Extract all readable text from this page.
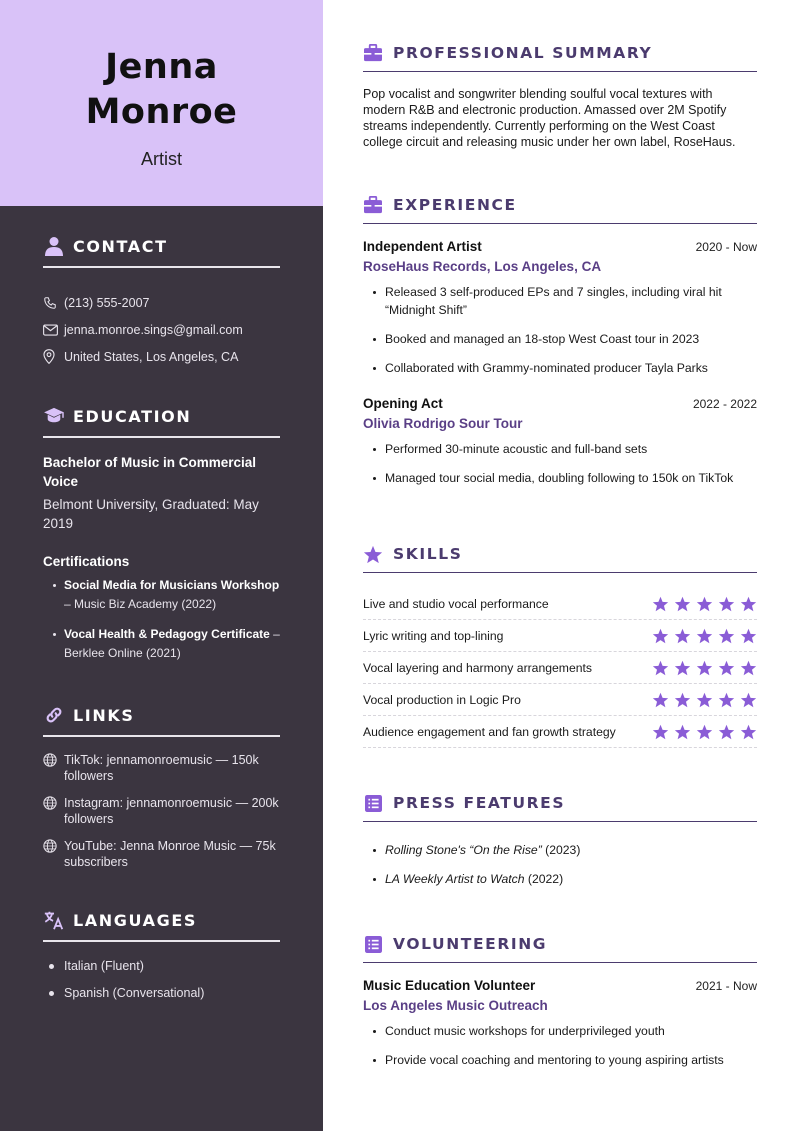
Jenna
Monroe
Artist
CONTACT
(213) 555-2007
jenna.monroe.sings@gmail.com
United States, Los Angeles, CA
EDUCATION
Bachelor of Music in Commercial Voice
Belmont University, Graduated: May 2019
Certifications
Social Media for Musicians Workshop – Music Biz Academy (2022)
Vocal Health & Pedagogy Certificate – Berklee Online (2021)
LINKS
TikTok: jennamonroemusic — 150k followers
Instagram: jennamonroemusic — 200k followers
YouTube: Jenna Monroe Music — 75k subscribers
LANGUAGES
Italian (Fluent)
Spanish (Conversational)
PROFESSIONAL SUMMARY
Pop vocalist and songwriter blending soulful vocal textures with modern R&B and electronic production. Amassed over 2M Spotify streams independently. Currently performing on the West Coast college circuit and releasing music under her own label, RoseHaus.
EXPERIENCE
Independent Artist	2020 - Now
RoseHaus Records, Los Angeles, CA
Released 3 self-produced EPs and 7 singles, including viral hit “Midnight Shift”
Booked and managed an 18-stop West Coast tour in 2023
Collaborated with Grammy-nominated producer Tayla Parks
Opening Act	2022 - 2022
Olivia Rodrigo Sour Tour
Performed 30-minute acoustic and full-band sets
Managed tour social media, doubling following to 150k on TikTok
SKILLS
Live and studio vocal performance
Lyric writing and top-lining
Vocal layering and harmony arrangements
Vocal production in Logic Pro
Audience engagement and fan growth strategy
PRESS FEATURES
Rolling Stone's “On the Rise” (2023)
LA Weekly Artist to Watch (2022)
VOLUNTEERING
Music Education Volunteer	2021 - Now
Los Angeles Music Outreach
Conduct music workshops for underprivileged youth
Provide vocal coaching and mentoring to young aspiring artists
